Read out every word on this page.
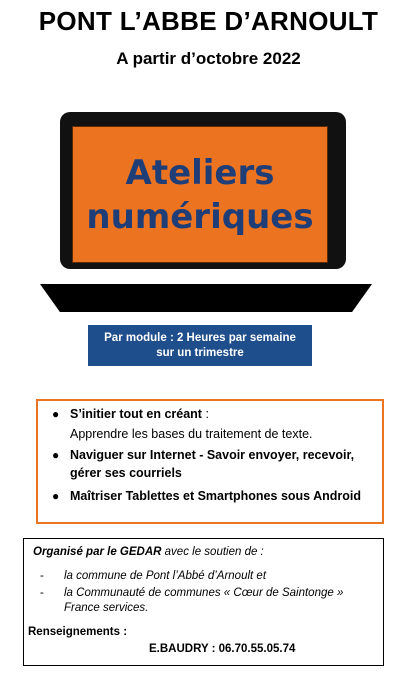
PONT L’ABBE D’ARNOULT
A partir d’octobre 2022
Ateliers
numériques
Par module : 2 Heures par semaine
sur un trimestre
● S’initier tout en créant :
Apprendre les bases du traitement de texte.
● Naviguer sur Internet - Savoir envoyer, recevoir,
gérer ses courriels
● Maîtriser Tablettes et Smartphones sous Android
Organisé par le GEDAR avec le soutien de :
- la commune de Pont l’Abbé d’Arnoult et
- la Communauté de communes « Cœur de Saintonge »
France services.
Renseignements :
E.BAUDRY : 06.70.55.05.74
